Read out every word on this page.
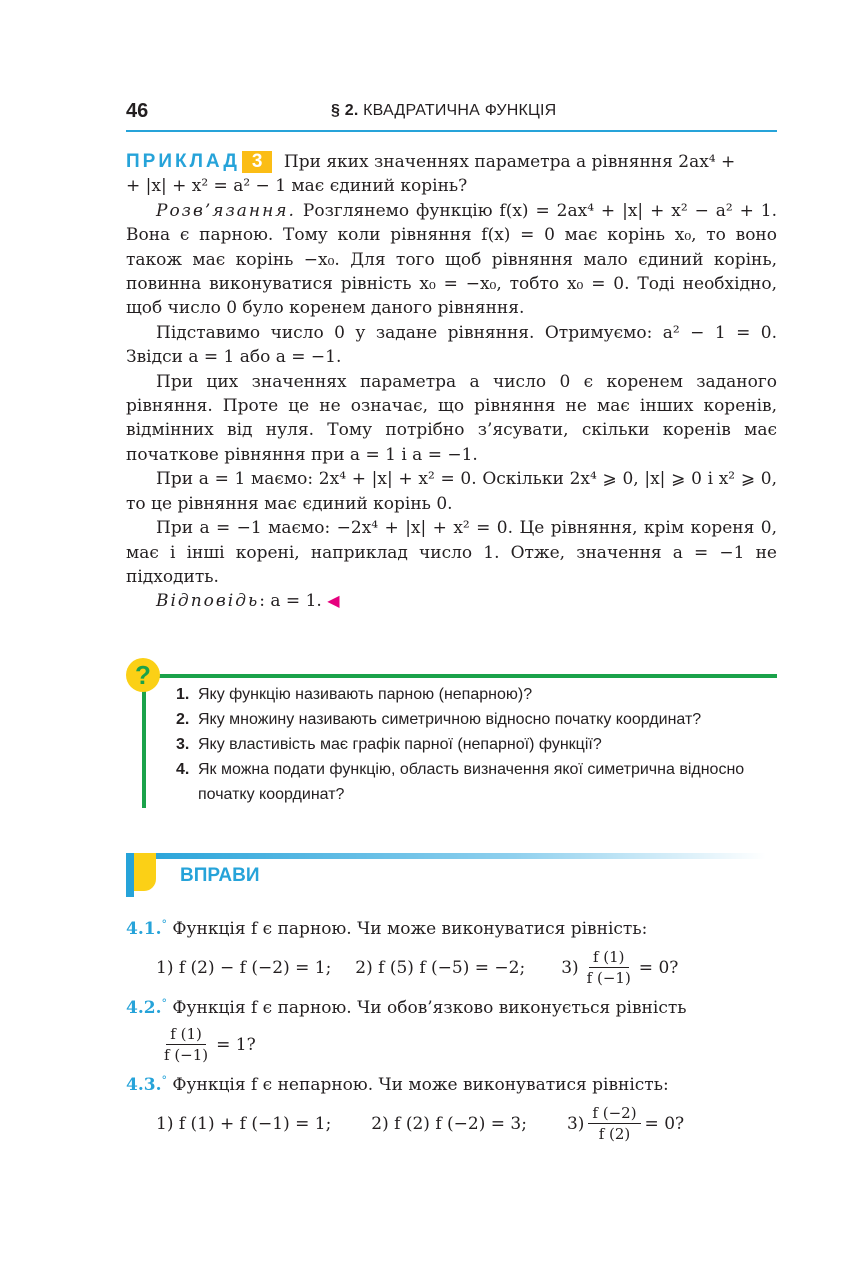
46	§ 2. КВАДРАТИЧНА ФУНКЦІЯ

ПРИКЛАД 3 При яких значеннях параметра a рівняння 2ax⁴ +

+ |x| + x² = a² − 1 має єдиний корінь?

Розв’язання. Розглянемо функцію f(x) = 2ax⁴ + |x| + x² − a² + 1. Вона є парною. Тому коли рівняння f(x) = 0 має корінь x₀, то воно також має корінь −x₀. Для того щоб рівняння мало єдиний корінь, повинна виконуватися рівність x₀ = −x₀, тобто x₀ = 0. Тоді необхідно, щоб число 0 було коренем даного рівняння.

Підставимо число 0 у задане рівняння. Отримуємо: a² − 1 = 0. Звідси a = 1 або a = −1.

При цих значеннях параметра a число 0 є коренем заданого рівняння. Проте це не означає, що рівняння не має інших коренів, відмінних від нуля. Тому потрібно з’ясувати, скільки коренів має початкове рівняння при a = 1 і a = −1.

При a = 1 маємо: 2x⁴ + |x| + x² = 0. Оскільки 2x⁴ ⩾ 0, |x| ⩾ 0 і x² ⩾ 0, то це рівняння має єдиний корінь 0.

При a = −1 маємо: −2x⁴ + |x| + x² = 0. Це рівняння, крім кореня 0, має і інші корені, наприклад число 1. Отже, значення a = −1 не підходить.

Відповідь: a = 1. ◀

?
1. Яку функцію називають парною (непарною)?
2. Яку множину називають симетричною відносно початку координат?
3. Яку властивість має графік парної (непарної) функції?
4. Як можна подати функцію, область визначення якої симетрична відносно початку координат?
ВПРАВИ

4.1.° Функція f є парною. Чи може виконуватися рівність:

1) f (2) − f (−2) = 1; 2) f (5) f (−5) = −2; $3) \frac{f (1)}{f (-1)} = 0$?

4.2.° Функція f є парною. Чи обов’язково виконується рівність

$\frac{f (1)}{f (-1)} = 1$?

4.3.° Функція f є непарною. Чи може виконуватися рівність:

1) f (1) + f (−1) = 1; 2) f (2) f (−2) = 3; $3) \frac{f (-2)}{f (2)} = 0$?
